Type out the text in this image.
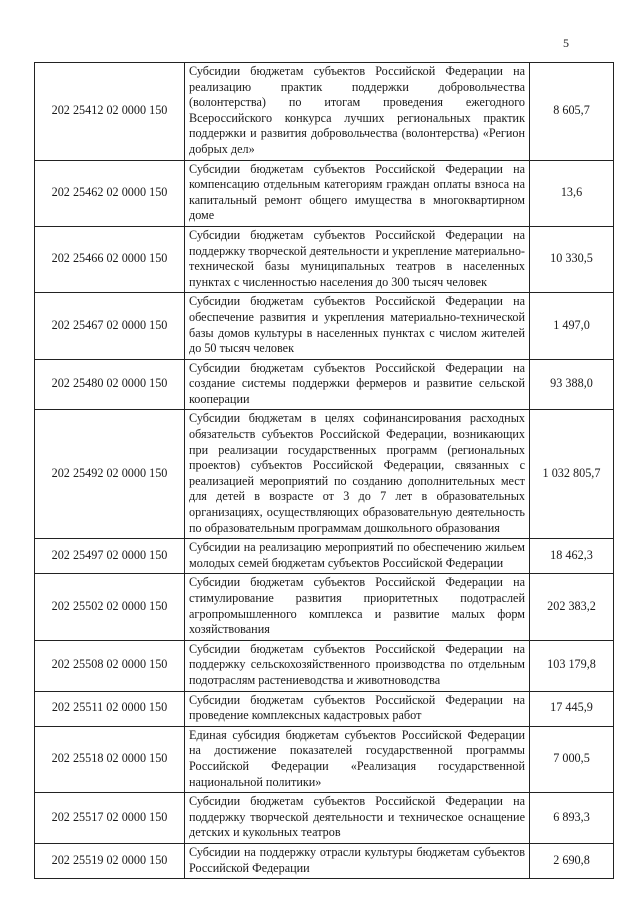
5
202 25412 02 0000 150	Субсидии бюджетам субъектов Российской Федерации на реализацию практик поддержки добровольчества (волонтерства) по итогам проведения ежегодного Всероссийского конкурса лучших региональных практик поддержки и развития добровольчества (волонтерства) «Регион добрых дел»	8 605,7
202 25462 02 0000 150	Субсидии бюджетам субъектов Российской Федерации на компенсацию отдельным категориям граждан оплаты взноса на капитальный ремонт общего имущества в многоквартирном доме	13,6
202 25466 02 0000 150	Субсидии бюджетам субъектов Российской Федерации на поддержку творческой деятельности и укрепление материально-технической базы муниципальных театров в населенных пунктах с численностью населения до 300 тысяч человек	10 330,5
202 25467 02 0000 150	Субсидии бюджетам субъектов Российской Федерации на обеспечение развития и укрепления материально-технической базы домов культуры в населенных пунктах с числом жителей до 50 тысяч человек	1 497,0
202 25480 02 0000 150	Субсидии бюджетам субъектов Российской Федерации на создание системы поддержки фермеров и развитие сельской кооперации	93 388,0
202 25492 02 0000 150	Субсидии бюджетам в целях софинансирования расходных обязательств субъектов Российской Федерации, возникающих при реализации государственных программ (региональных проектов) субъектов Российской Федерации, связанных с реализацией мероприятий по созданию дополнительных мест для детей в возрасте от 3 до 7 лет в образовательных организациях, осуществляющих образовательную деятельность по образовательным программам дошкольного образования	1 032 805,7
202 25497 02 0000 150	Субсидии на реализацию мероприятий по обеспечению жильем молодых семей бюджетам субъектов Российской Федерации	18 462,3
202 25502 02 0000 150	Субсидии бюджетам субъектов Российской Федерации на стимулирование развития приоритетных подотраслей агропромышленного комплекса и развитие малых форм хозяйствования	202 383,2
202 25508 02 0000 150	Субсидии бюджетам субъектов Российской Федерации на поддержку сельскохозяйственного производства по отдельным подотраслям растениеводства и животноводства	103 179,8
202 25511 02 0000 150	Субсидии бюджетам субъектов Российской Федерации на проведение комплексных кадастровых работ	17 445,9
202 25518 02 0000 150	Единая субсидия бюджетам субъектов Российской Федерации на достижение показателей государственной программы Российской Федерации «Реализация государственной национальной политики»	7 000,5
202 25517 02 0000 150	Субсидии бюджетам субъектов Российской Федерации на поддержку творческой деятельности и техническое оснащение детских и кукольных театров	6 893,3
202 25519 02 0000 150	Субсидии на поддержку отрасли культуры бюджетам субъектов Российской Федерации	2 690,8
